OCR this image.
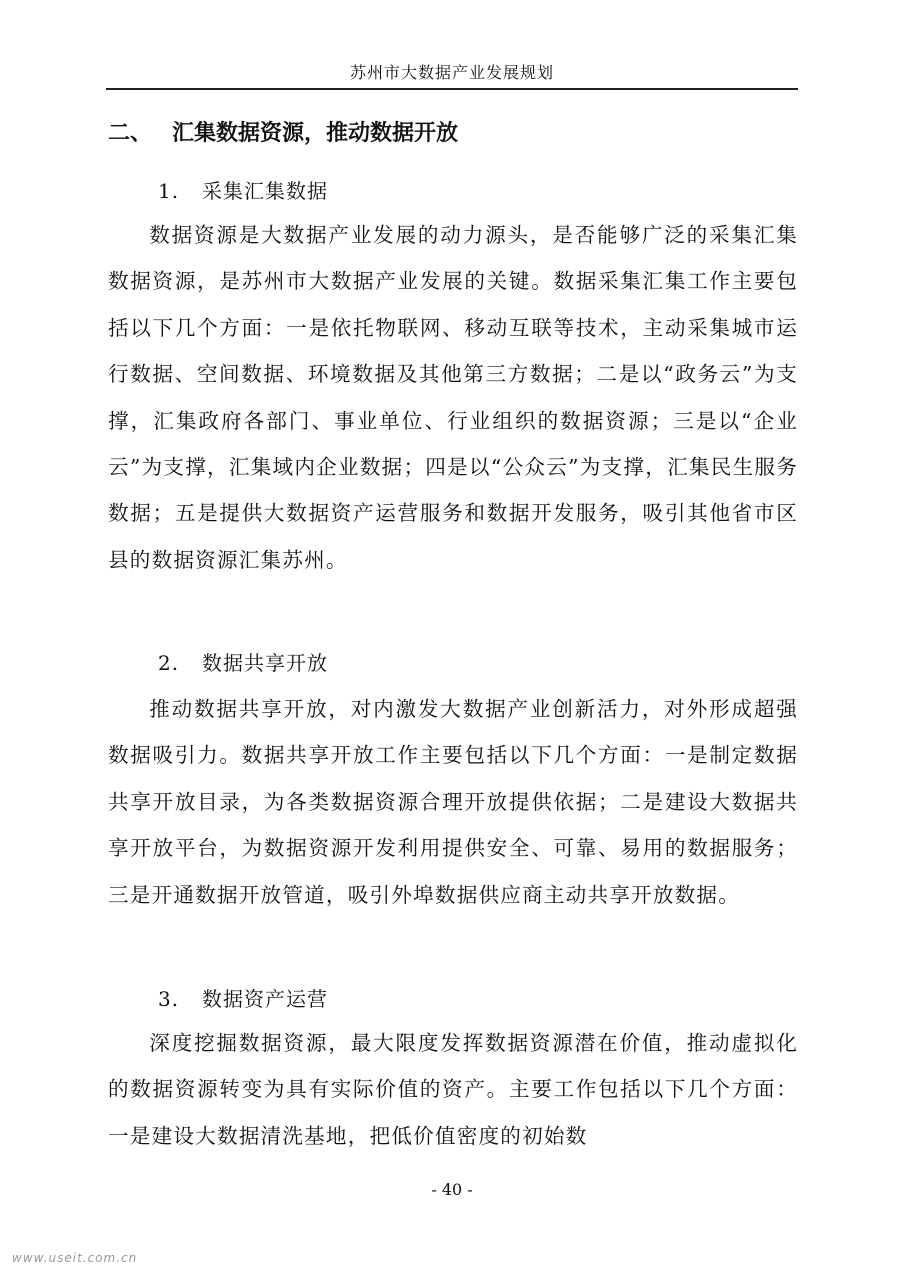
苏州市大数据产业发展规划
二、 汇集数据资源，推动数据开放
1. 采集汇集数据
数据资源是大数据产业发展的动力源头，是否能够广泛的采集汇集数据资源，是苏州市大数据产业发展的关键。数据采集汇集工作主要包括以下几个方面：一是依托物联网、移动互联等技术，主动采集城市运行数据、空间数据、环境数据及其他第三方数据；二是以“政务云”为支撑，汇集政府各部门、事业单位、行业组织的数据资源；三是以“企业云”为支撑，汇集域内企业数据；四是以“公众云”为支撑，汇集民生服务数据；五是提供大数据资产运营服务和数据开发服务，吸引其他省市区县的数据资源汇集苏州。
2. 数据共享开放
推动数据共享开放，对内激发大数据产业创新活力，对外形成超强数据吸引力。数据共享开放工作主要包括以下几个方面：一是制定数据共享开放目录，为各类数据资源合理开放提供依据；二是建设大数据共享开放平台，为数据资源开发利用提供安全、可靠、易用的数据服务；三是开通数据开放管道，吸引外埠数据供应商主动共享开放数据。
3. 数据资产运营
深度挖掘数据资源，最大限度发挥数据资源潜在价值，推动虚拟化的数据资源转变为具有实际价值的资产。主要工作包括以下几个方面：一是建设大数据清洗基地，把低价值密度的初始数
- 40 -
www.useit.com.cn
